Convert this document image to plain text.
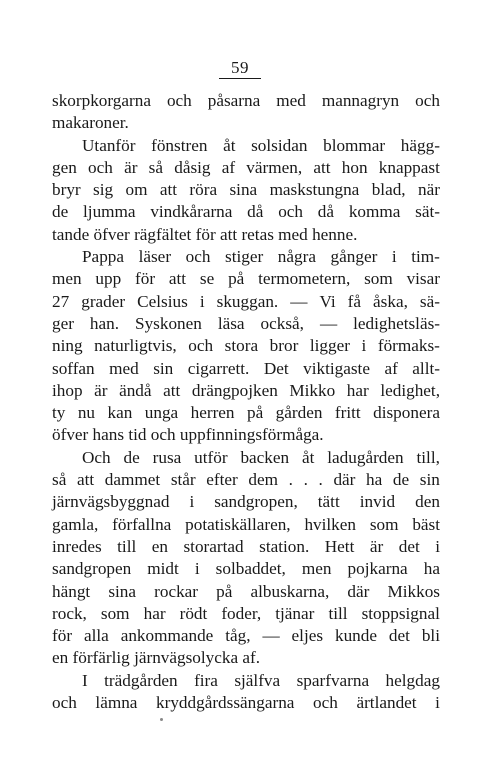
59
skorpkorgarna och påsarna med mannagryn och
makaroner.
Utanför fönstren åt solsidan blommar hägg-
gen och är så dåsig af värmen, att hon knappast
bryr sig om att röra sina maskstungna blad, när
de ljumma vindkårarna då och då komma sät-
tande öfver rägfältet för att retas med henne.
Pappa läser och stiger några gånger i tim-
men upp för att se på termometern, som visar
27 grader Celsius i skuggan. — Vi få åska, sä-
ger han. Syskonen läsa också, — ledighetsläs-
ning naturligtvis, och stora bror ligger i förmaks-
soffan med sin cigarrett. Det viktigaste af allt-
ihop är ändå att drängpojken Mikko har ledighet,
ty nu kan unga herren på gården fritt disponera
öfver hans tid och uppfinningsförmåga.
Och de rusa utför backen åt ladugården till,
så att dammet står efter dem . . . där ha de sin
järnvägsbyggnad i sandgropen, tätt invid den
gamla, förfallna potatiskällaren, hvilken som bäst
inredes till en storartad station. Hett är det i
sandgropen midt i solbaddet, men pojkarna ha
hängt sina rockar på albuskarna, där Mikkos
rock, som har rödt foder, tjänar till stoppsignal
för alla ankommande tåg, — eljes kunde det bli
en förfärlig järnvägsolycka af.
I trädgården fira själfva sparfvarna helgdag
och lämna kryddgårdssängarna och ärtlandet i
